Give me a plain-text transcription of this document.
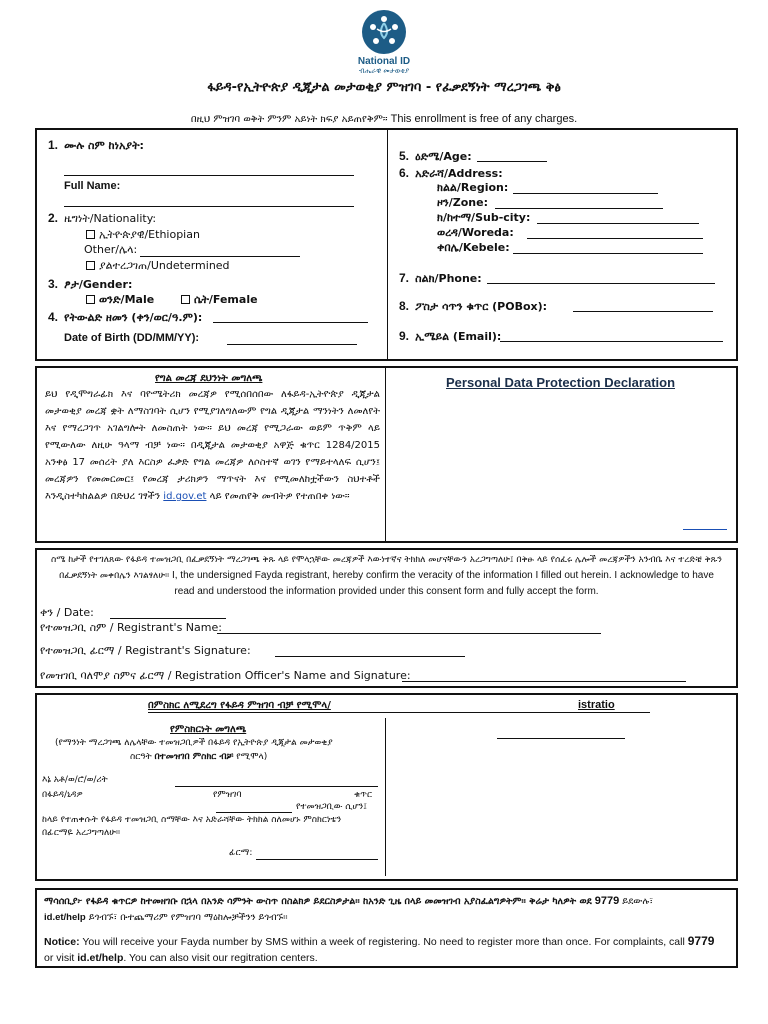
National ID
ብሔራዊ መታወቂያ
ፋይዳ-የኢትዮጵያ ዲጂታል መታወቂያ ምዝገባ - የፈቃደኝነት ማረጋገጫ ቅፅ
በዚህ ምዝገባ ወቅት ምንም አይነት ክፍያ አይጠየቅም። This enrollment is free of any charges.
1. ሙሉ ስም ከነአያት:
Full Name:
2. ዜግነት/Nationality:
ኢትዮጵያዊ/Ethiopian
Other/ሌላ:
ያልተረጋገጠ/Undetermined
3. ፆታ/Gender:
ወንድ/Male	ሴት/Female
4. የትውልድ ዘመን (ቀን/ወር/ዓ.ም):
Date of Birth (DD/MM/YY):
5. ዕድሜ/Age:
6. አድራሻ/Address:
ክልል/Region:
ዞን/Zone:
ክ/ከተማ/Sub-city:
ወረዳ/Woreda:
ቀበሌ/Kebele:
7. ስልክ/Phone:
8. ፖስታ ሳጥን ቁጥር (POBox):
9. ኢሜይል (Email):
የግል መረጃ ደህንነት መግለጫ
ይህ የዲሞግራፊክ እና ባዮሜትሪክ መረጃዎ የሚሰበሰበው ለፋይዳ-ኢትዮጵያ ዲጂታል መታወቂያ መረጃ ቋት ለማስገባት ሲሆን የሚያገለግለውም የግል ዲጂታል ማንነትን ለመለየት እና የማረጋገጥ አገልግሎት ለመስጠት ነው። ይህ መረጃ የሚጋራው ወይም ጥቅም ላይ የሚውለው ለዚሁ ዓላማ ብቻ ነው። በዲጂታል መታወቂያ አዋጅ ቁጥር 1284/2015 አንቀፅ 17 መሰረት ያለ እርስዎ ፈቃድ የግል መረጃዎ ለሶስተኛ ወገን የማይተላለፍ ሲሆን፤ መረጃዎን የመመርመር፤ የመረጃ ታሪክዎን ማጥናት እና የሚመለከቷችውን ስህተቶች እንዲስተካከልልዎ በድህረ ገፃችን id.gov.et ላይ የመጠየቅ መብትዎ የተጠበቀ ነው።
Personal Data Protection Declaration
ስሜ ከታች የተገለጸው የፋይዳ ተመዝጋቢ በፈቃደኝነት ማረጋገጫ ቅጹ ላይ የሞላኋቸው መረጃዎች እውነተኛና ትክክለ መሆናቸውን አረጋግጣለሁ፤ በቅፁ ላይ የሰፈሩ ሌሎች መረጃዎችን አንብቤ እና ተረድቼ ቅጹን
በፈቃደኝነት መቀበሌን እገልፃለሁ። I, the undersigned Fayda registrant, hereby confirm the veracity of the information I filled out herein. I acknowledge to have
read and understood the information provided under this consent form and fully accept the form.
ቀን / Date:
የተመዝጋቢ ስም / Registrant's Name:
የተመዝጋቢ ፊርማ / Registrant's Signature:
የመዝገቢ ባለሞያ ስምና ፊርማ / Registration Officer's Name and Signature:
በምስክር ለሚደረግ የፋይዳ ምዝገባ ብቻ የሚሞላ/	istratio
የምስክርነት መግለጫ
(የማንነት ማረጋገጫ ለሌላቸው ተመዝጋቢዎች በፋይዳ የኢትዮጵያ ዲጂታል መታወቂያ
ስርዓት በተመዝገበ ምስክር ብቻ የሚሞላ)
እኔ አቶ/ወ/ሮ/ወ/ሪት
በፋይዳ/ኒዳዎ	የምዝገባ	ቁጥር
የተመዝጋቢው ሲሆን፤
ከላይ የተጠቀሱት የፋይዳ ተመዝጋቢ ስማቸው እና አድራሻቸው ትክክል ስለመሆኑ ምስክርነቴን
በፊርማዬ አረጋግጣለሁ።
ፊርማ:
ማሳሰቢያ፦ የፋይዳ ቁጥርዎ ከተመዘገቡ በኋላ በአንድ ሳምንት ውስጥ በስልክዎ ይደርስዎታል። ከአንድ ጊዜ በላይ መመዝገብ አያስፈልግዎትም። ቅሬታ ካለዎት ወደ 9779 ይደውሉ፣
id.et/help ይጎብኙ፣ ቡተጨማሪም የምዝገባ ማዕከሎቻችንን ይጎብኙ።
Notice: You will receive your Fayda number by SMS within a week of registering. No need to register more than once. For complaints, call 9779
or visit id.et/help. You can also visit our regitration centers.
